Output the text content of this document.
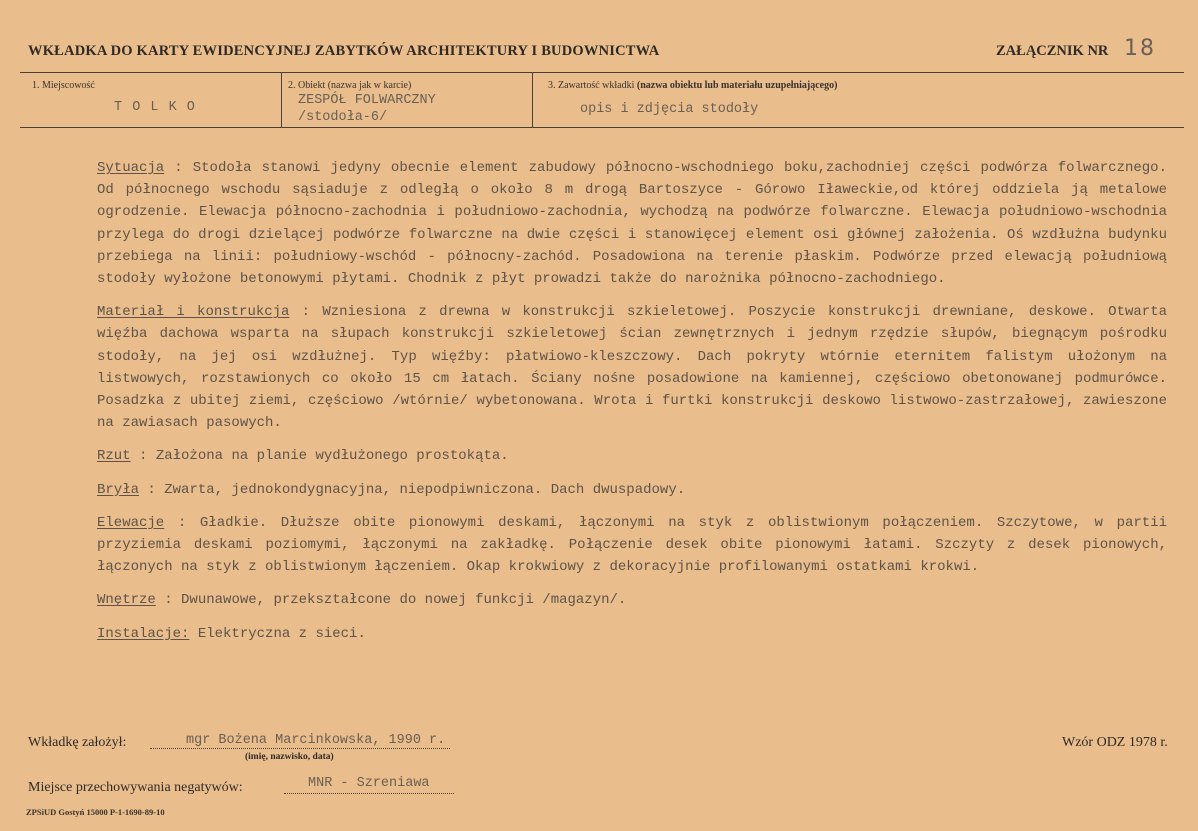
WKŁADKA DO KARTY EWIDENCYJNEJ ZABYTKÓW ARCHITEKTURY I BUDOWNICTWA	ZAŁĄCZNIK NR 18
1. Miejscowość
T O L K O
2. Obiekt (nazwa jak w karcie)
ZESPÓŁ FOLWARCZNY
/stodoła-6/
3. Zawartość wkładki (nazwa obiektu lub materiału uzupełniającego)
opis i zdjęcia stodoły
Sytuacja : Stodoła stanowi jedyny obecnie element zabudowy północno-wschodniego boku,zachodniej części podwórza folwarcznego. Od północnego wschodu sąsiaduje z odległą o około 8 m drogą Bartoszyce - Górowo Iławeckie,od której oddziela ją metalowe ogrodzenie. Elewacja północno-zachodnia i południowo-zachodnia, wychodzą na podwórze folwarczne. Elewacja południowo-wschodnia przylega do drogi dzielącej podwórze folwarczne na dwie części i stanowięcej element osi głównej założenia. Oś wzdłużna budynku przebiega na linii: południowy-wschód - północny-zachód. Posadowiona na terenie płaskim. Podwórze przed elewacją południową stodoły wyłożone betonowymi płytami. Chodnik z płyt prowadzi także do narożnika północno-zachodniego.
Materiał i konstrukcja : Wzniesiona z drewna w konstrukcji szkieletowej. Poszycie konstrukcji drewniane, deskowe. Otwarta więźba dachowa wsparta na słupach konstrukcji szkieletowej ścian zewnętrznych i jednym rzędzie słupów, biegnącym pośrodku stodoły, na jej osi wzdłużnej. Typ więźby: płatwiowo-kleszczowy. Dach pokryty wtórnie eternitem falistym ułożonym na listwowych, rozstawionych co około 15 cm łatach. Ściany nośne posadowione na kamiennej, częściowo obetonowanej podmurówce. Posadzka z ubitej ziemi, częściowo /wtórnie/ wybetonowana. Wrota i furtki konstrukcji deskowo listwowo-zastrzałowej, zawieszone na zawiasach pasowych.
Rzut : Założona na planie wydłużonego prostokąta.
Bryła : Zwarta, jednokondygnacyjna, niepodpiwniczona. Dach dwuspadowy.
Elewacje : Gładkie. Dłuższe obite pionowymi deskami, łączonymi na styk z oblistwionym połączeniem. Szczytowe, w partii przyziemia deskami poziomymi, łączonymi na zakładkę. Połączenie desek obite pionowymi łatami. Szczyty z desek pionowych, łączonych na styk z oblistwionym łączeniem. Okap krokwiowy z dekoracyjnie profilowanymi ostatkami krokwi.
Wnętrze : Dwunawowe, przekształcone do nowej funkcji /magazyn/.
Instalacje: Elektryczna z sieci.
Wkładkę założył:	mgr Bożena Marcinkowska, 1990 r.
(imię, nazwisko, data)
Wzór ODZ 1978 r.
Miejsce przechowywania negatywów:	MNR - Szreniawa
ZPSiUD Gostyń 15000 P-1-1690-89-10
